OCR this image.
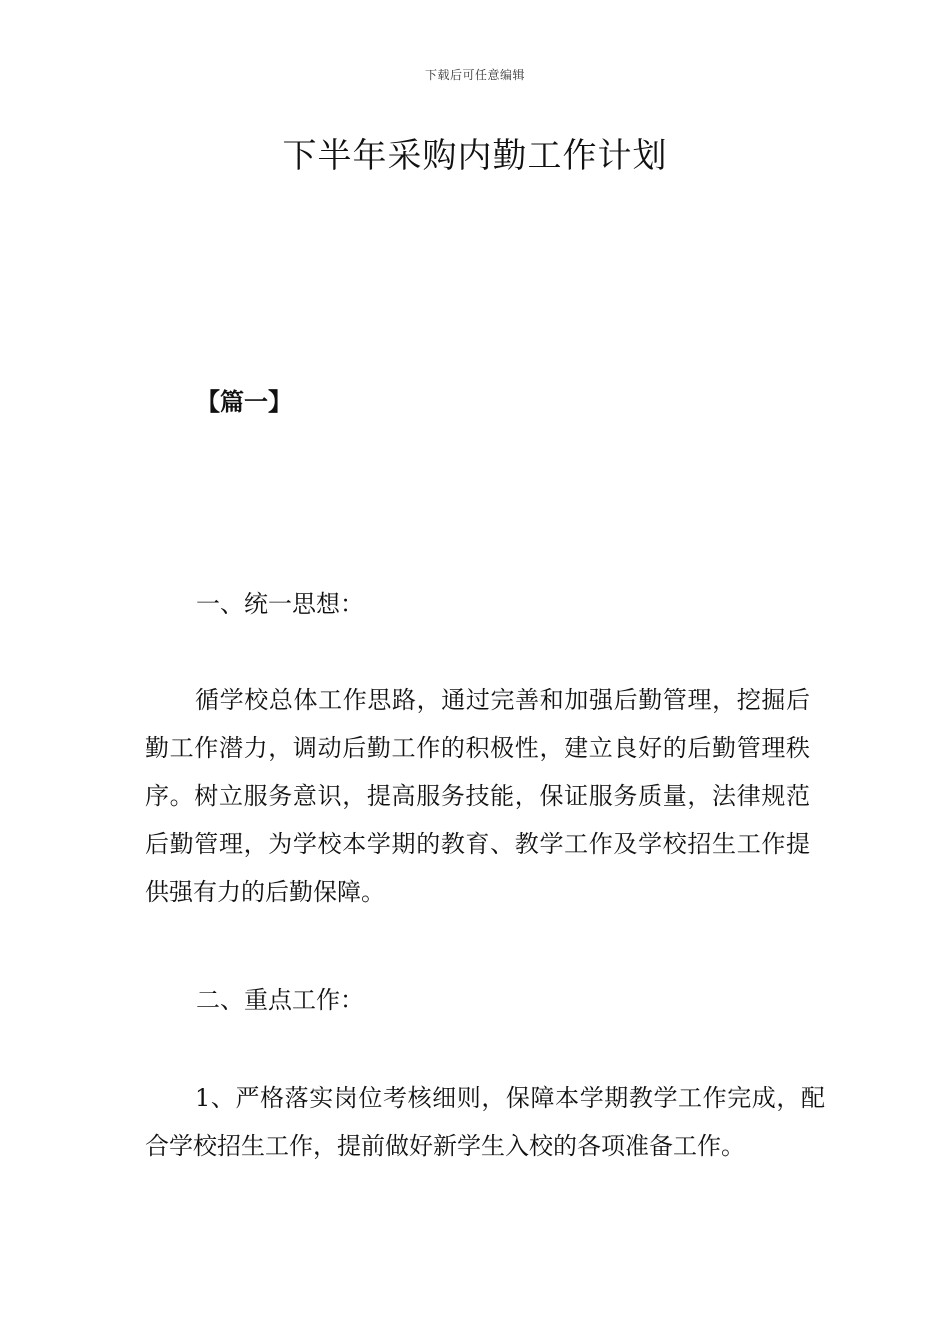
下载后可任意编辑
下半年采购内勤工作计划
【篇一】
一、统一思想：
循学校总体工作思路，通过完善和加强后勤管理，挖掘后勤工作潜力，调动后勤工作的积极性，建立良好的后勤管理秩序。树立服务意识，提高服务技能，保证服务质量，法律规范后勤管理，为学校本学期的教育、教学工作及学校招生工作提供强有力的后勤保障。
二、重点工作：
1、严格落实岗位考核细则，保障本学期教学工作完成，配合学校招生工作，提前做好新学生入校的各项准备工作。
